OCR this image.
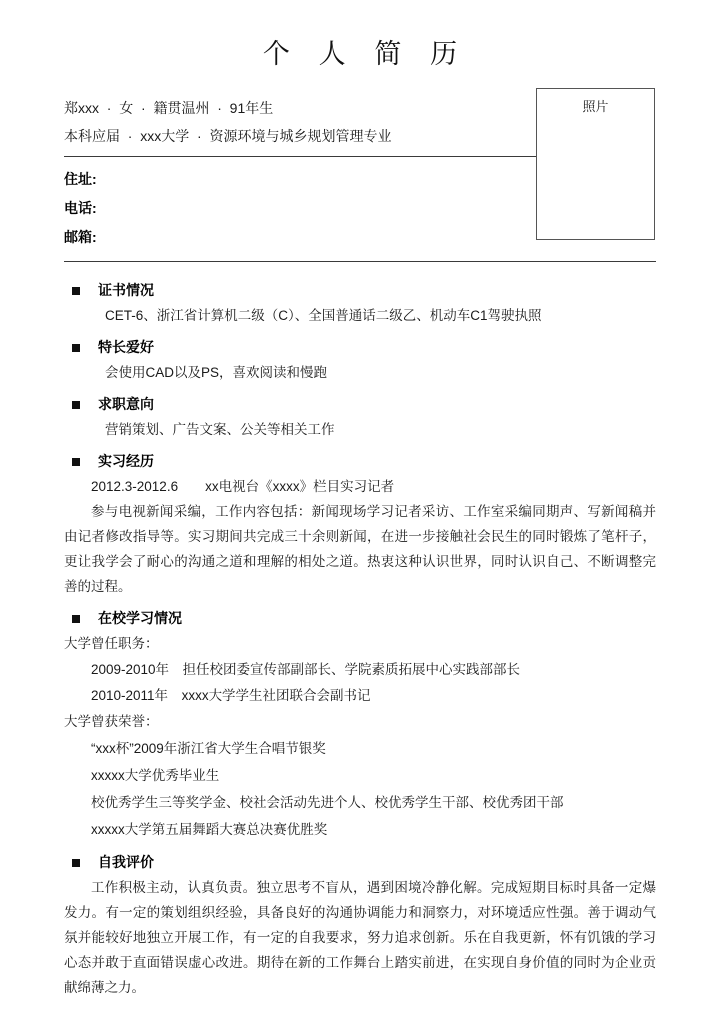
个 人 简 历
照片
郑xxx  ·  女  ·  籍贯温州  ·  91年生
本科应届  ·  xxx大学  ·  资源环境与城乡规划管理专业
住址:
电话:
邮箱:
证书情况
CET-6、浙江省计算机二级（C）、全国普通话二级乙、机动车C1驾驶执照
特长爱好
会使用CAD以及PS，喜欢阅读和慢跑
求职意向
营销策划、广告文案、公关等相关工作
实习经历
2012.3-2012.6　　 xx电视台《xxxx》栏目实习记者
参与电视新闻采编，工作内容包括：新闻现场学习记者采访、工作室采编同期声、写新闻稿并由记者修改指导等。实习期间共完成三十余则新闻，在进一步接触社会民生的同时锻炼了笔杆子，更让我学会了耐心的沟通之道和理解的相处之道。热衷这种认识世界，同时认识自己、不断调整完善的过程。
在校学习情况
大学曾任职务：
2009-2010年　 担任校团委宣传部副部长、学院素质拓展中心实践部部长
2010-2011年　 xxxx大学学生社团联合会副书记
大学曾获荣誉：
“xxx杯”2009年浙江省大学生合唱节银奖
xxxxx大学优秀毕业生
校优秀学生三等奖学金、校社会活动先进个人、校优秀学生干部、校优秀团干部
xxxxx大学第五届舞蹈大赛总决赛优胜奖
自我评价
工作积极主动，认真负责。独立思考不盲从，遇到困境冷静化解。完成短期目标时具备一定爆发力。有一定的策划组织经验，具备良好的沟通协调能力和洞察力，对环境适应性强。善于调动气氛并能较好地独立开展工作，有一定的自我要求，努力追求创新。乐在自我更新，怀有饥饿的学习心态并敢于直面错误虚心改进。期待在新的工作舞台上踏实前进，在实现自身价值的同时为企业贡献绵薄之力。
